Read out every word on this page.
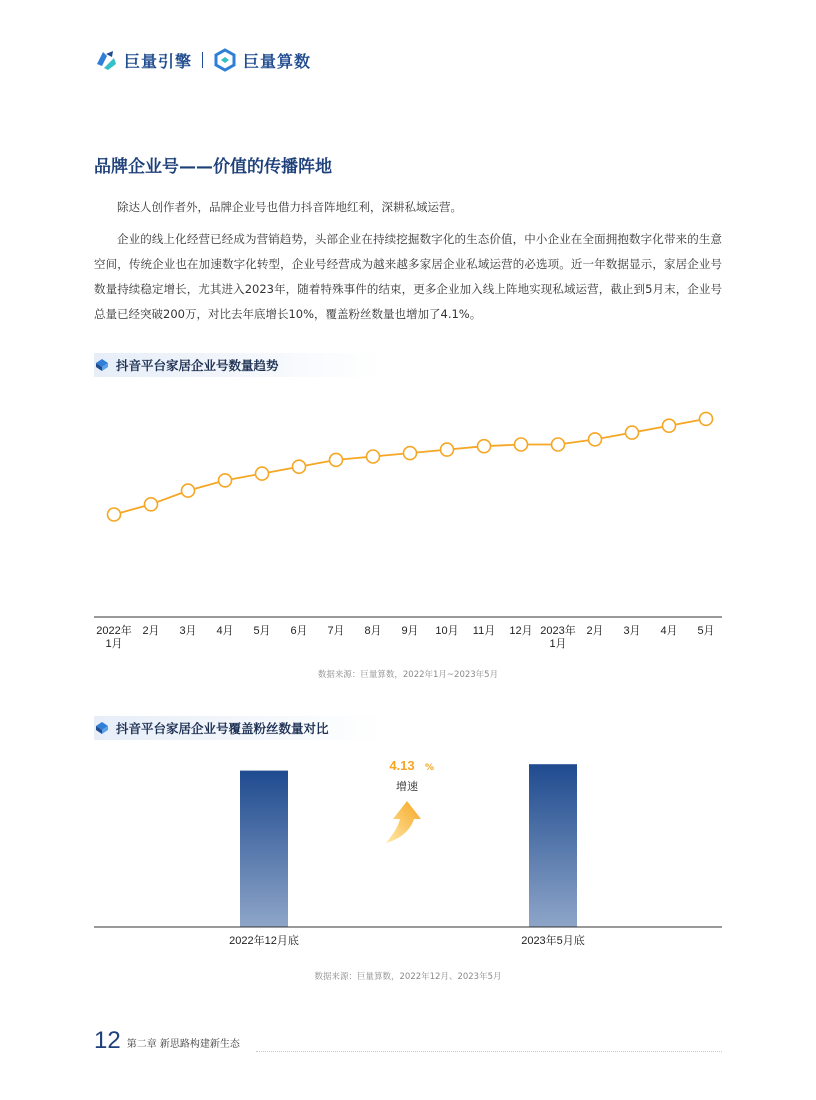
巨量引擎	巨量算数
品牌企业号——价值的传播阵地
除达人创作者外，品牌企业号也借力抖音阵地红利，深耕私域运营。
企业的线上化经营已经成为营销趋势，头部企业在持续挖掘数字化的生态价值，中小企业在全面拥抱数字化带来的生意空间，传统企业也在加速数字化转型，企业号经营成为越来越多家居企业私域运营的必选项。近一年数据显示，家居企业号数量持续稳定增长，尤其进入2023年，随着特殊事件的结束，更多企业加入线上阵地实现私域运营，截止到5月末，企业号总量已经突破200万，对比去年底增长10%，覆盖粉丝数量也增加了4.1%。
抖音平台家居企业号数量趋势
2022年
1月
2月 3月 4月 5月 6月 7月 8月 9月 10月 11月 12月 2023年
1月
2月 3月 4月 5月
数据来源：巨量算数，2022年1月~2023年5月
抖音平台家居企业号覆盖粉丝数量对比
2022年12月底	2023年5月底
4.13 %
增速
数据来源：巨量算数，2022年12月、2023年5月
12 第二章 新思路构建新生态
